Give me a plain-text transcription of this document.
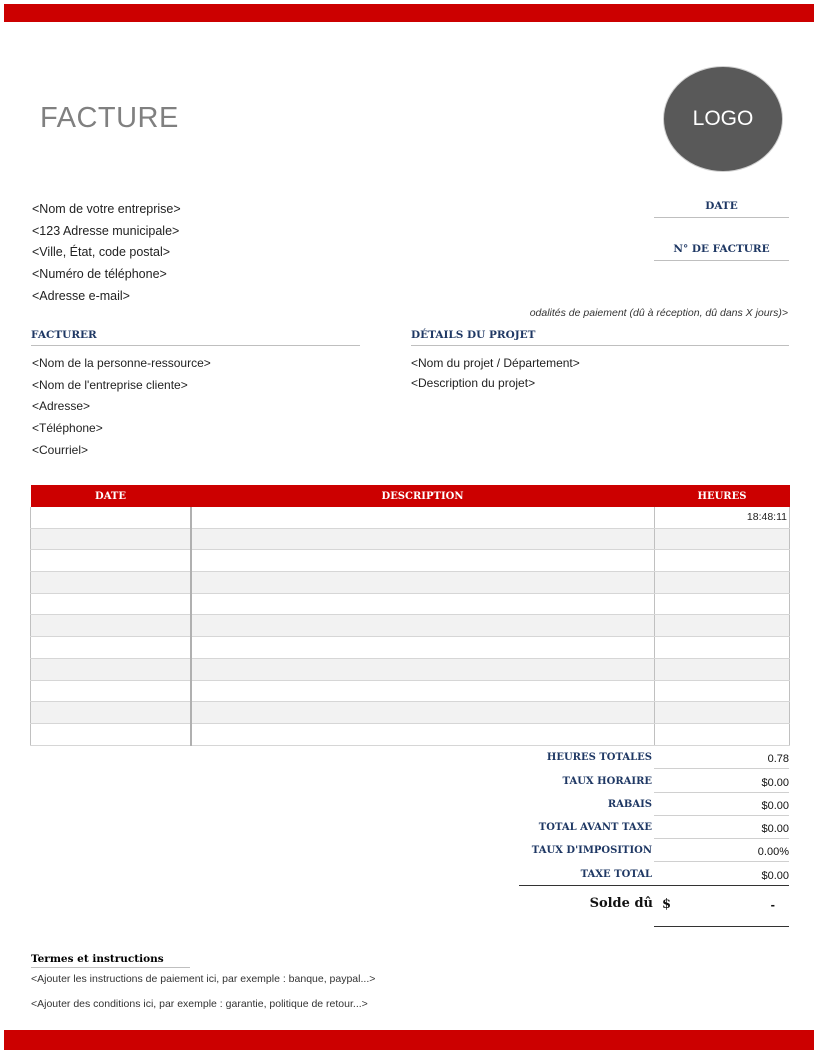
FACTURE	LOGO
<Nom de votre entreprise>
<123 Adresse municipale>
<Ville, État, code postal>
<Numéro de téléphone>
<Adresse e-mail>
DATE
N° DE FACTURE
odalités de paiement (dû à réception, dû dans X jours)>
FACTURER	DÉTAILS DU PROJET
<Nom de la personne-ressource>
<Nom de l'entreprise cliente>
<Adresse>
<Téléphone>
<Courriel>
<Nom du projet / Département>
<Description du projet>
DATE	DESCRIPTION	HEURES
		18:48:11

HEURES TOTALES	0.78
TAUX HORAIRE	$0.00
RABAIS	$0.00
TOTAL AVANT TAXE	$0.00
TAUX D'IMPOSITION	0.00%
TAXE TOTAL	$0.00
Solde dû $	-
Termes et instructions
<Ajouter les instructions de paiement ici, par exemple : banque, paypal...>
<Ajouter des conditions ici, par exemple : garantie, politique de retour...>
